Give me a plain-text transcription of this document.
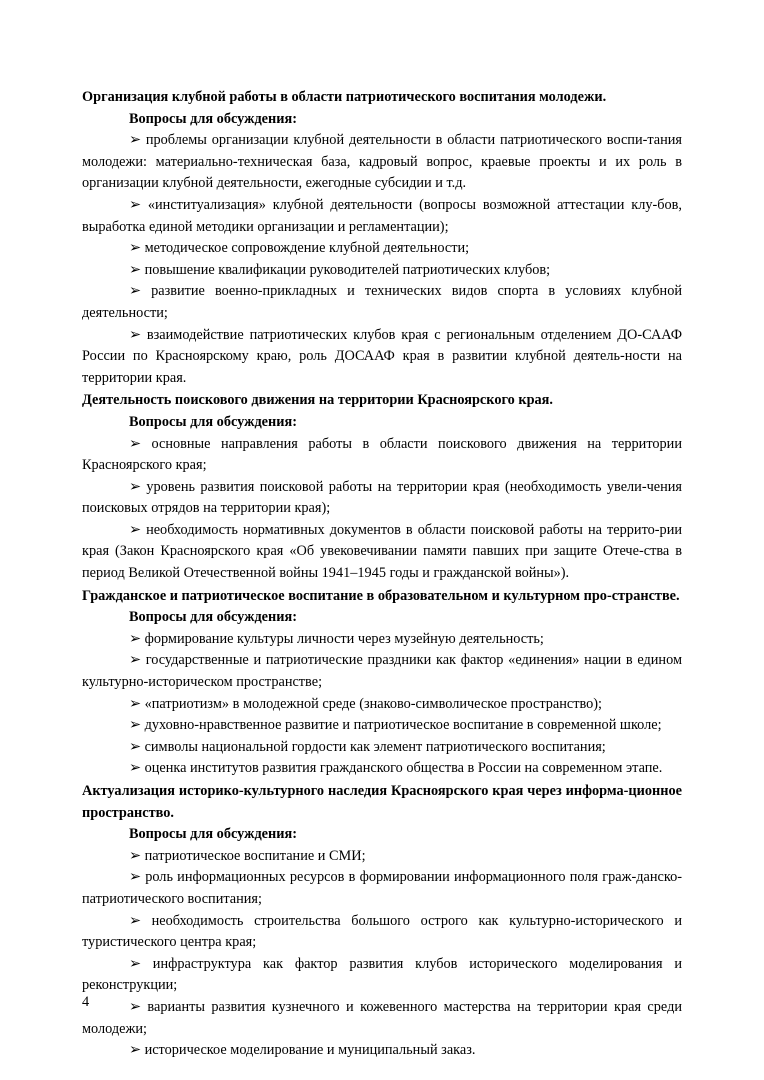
Организация клубной работы в области патриотического воспитания молодежи.

Вопросы для обсуждения:

➢ проблемы организации клубной деятельности в области патриотического воспи-тания молодежи: материально-техническая база, кадровый вопрос, краевые проекты и их роль в организации клубной деятельности, ежегодные субсидии и т.д.

➢ «институализация» клубной деятельности (вопросы возможной аттестации клу-бов, выработка единой методики организации и регламентации);

➢ методическое сопровождение клубной деятельности;

➢ повышение квалификации руководителей патриотических клубов;

➢ развитие военно-прикладных и технических видов спорта в условиях клубной деятельности;

➢ взаимодействие патриотических клубов края с региональным отделением ДО-СААФ России по Красноярскому краю, роль ДОСААФ края в развитии клубной деятель-ности на территории края.

Деятельность поискового движения на территории Красноярского края.

Вопросы для обсуждения:

➢ основные направления работы в области поискового движения на территории Красноярского края;

➢ уровень развития поисковой работы на территории края (необходимость увели-чения поисковых отрядов на территории края);

➢ необходимость нормативных документов в области поисковой работы на террито-рии края (Закон Красноярского края «Об увековечивании памяти павших при защите Отече-ства в период Великой Отечественной войны 1941–1945 годы и гражданской войны»).

Гражданское и патриотическое воспитание в образовательном и культурном про-странстве.

Вопросы для обсуждения:

➢ формирование культуры личности через музейную деятельность;

➢ государственные и патриотические праздники как фактор «единения» нации в едином культурно-историческом пространстве;

➢ «патриотизм» в молодежной среде (знаково-символическое пространство);

➢ духовно-нравственное развитие и патриотическое воспитание в современной школе;

➢ символы национальной гордости как элемент патриотического воспитания;

➢ оценка институтов развития гражданского общества в России на современном этапе.

Актуализация историко-культурного наследия Красноярского края через информа-ционное пространство.

Вопросы для обсуждения:

➢ патриотическое воспитание и СМИ;

➢ роль информационных ресурсов в формировании информационного поля граж-данско-патриотического воспитания;

➢ необходимость строительства большого острого как культурно-исторического и туристического центра края;

➢ инфраструктура как фактор развития клубов исторического моделирования и реконструкции;

➢ варианты развития кузнечного и кожевенного мастерства на территории края среди молодежи;

➢ историческое моделирование и муниципальный заказ.

4
